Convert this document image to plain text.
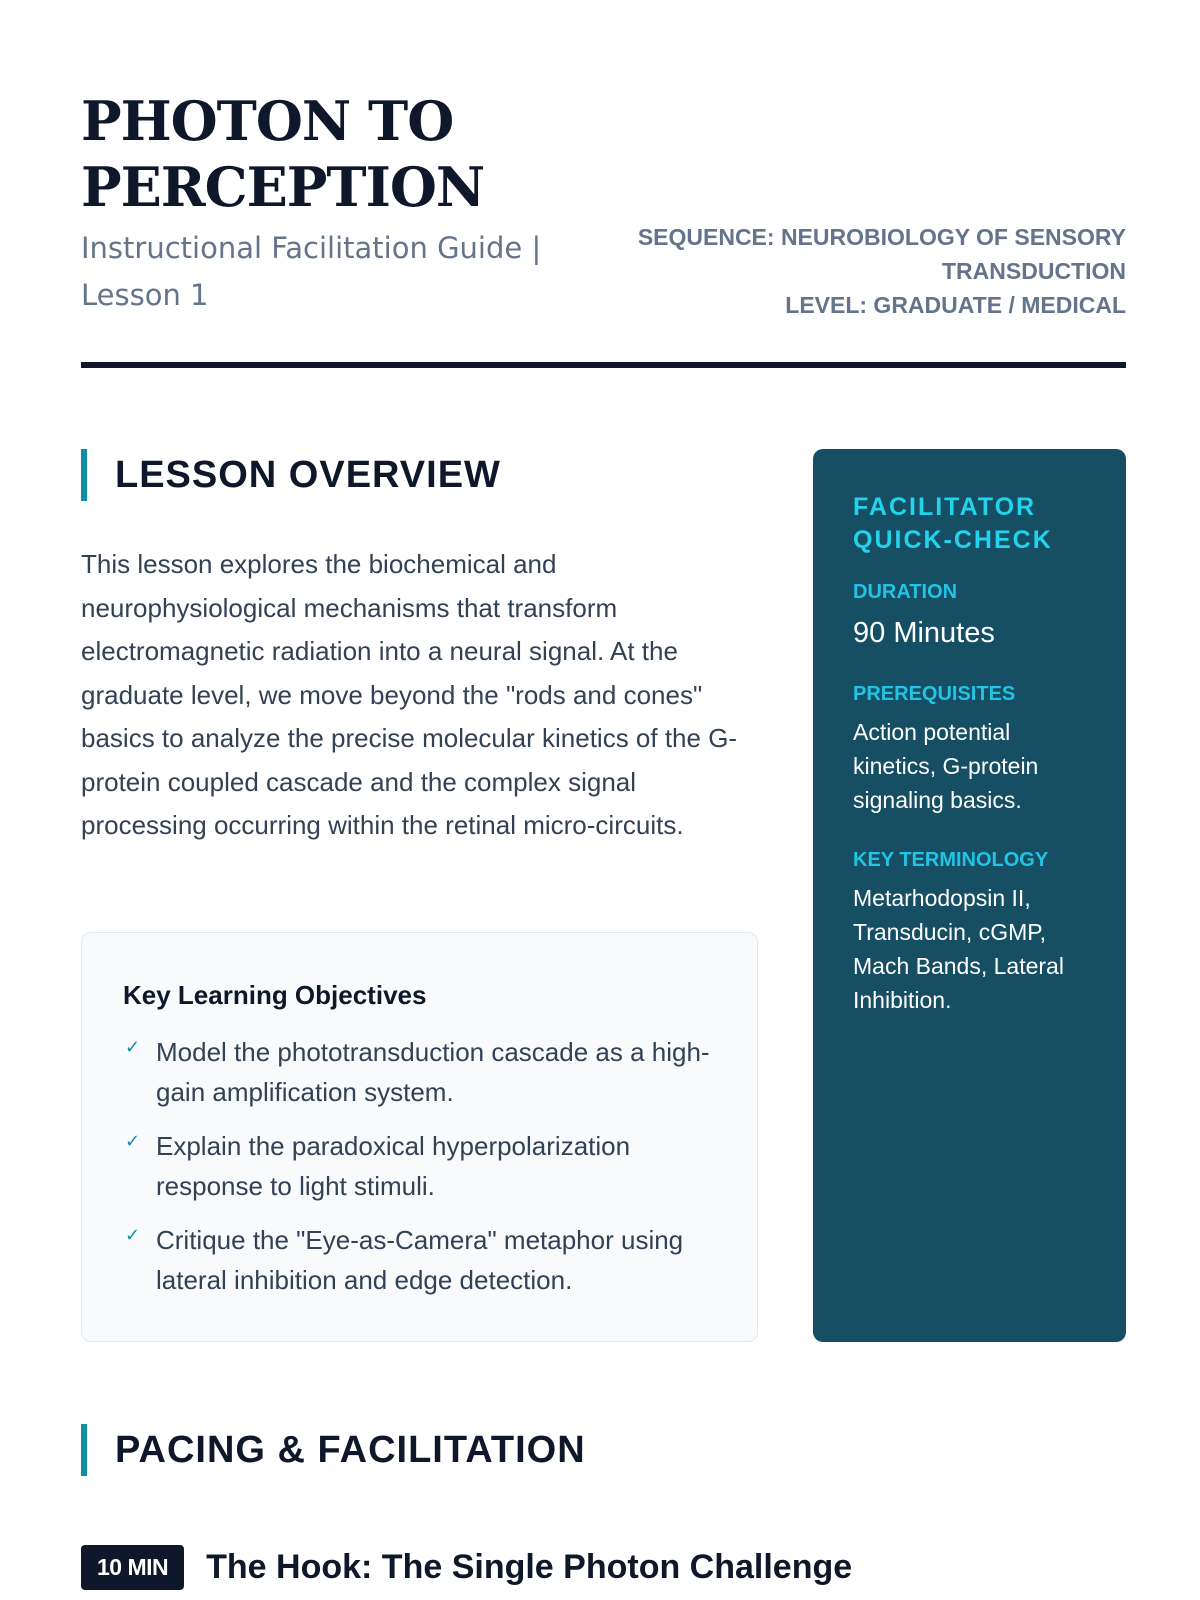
PHOTON TO
PERCEPTION
Instructional Facilitation Guide |
Lesson 1
SEQUENCE: NEUROBIOLOGY OF SENSORY
TRANSDUCTION
LEVEL: GRADUATE / MEDICAL
LESSON OVERVIEW

This lesson explores the biochemical and neurophysiological mechanisms that transform electromagnetic radiation into a neural signal. At the graduate level, we move beyond the "rods and cones" basics to analyze the precise molecular kinetics of the G-protein coupled cascade and the complex signal processing occurring within the retinal micro-circuits.

Key Learning Objectives
✓ Model the phototransduction cascade as a high-gain amplification system.
✓ Explain the paradoxical hyperpolarization response to light stimuli.
✓ Critique the "Eye-as-Camera" metaphor using lateral inhibition and edge detection.
FACILITATOR QUICK-CHECK
DURATION
90 Minutes
PREREQUISITES
Action potential kinetics, G-protein signaling basics.
KEY TERMINOLOGY
Metarhodopsin II, Transducin, cGMP, Mach Bands, Lateral Inhibition.
PACING & FACILITATION
10 MIN	The Hook: The Single Photon Challenge
